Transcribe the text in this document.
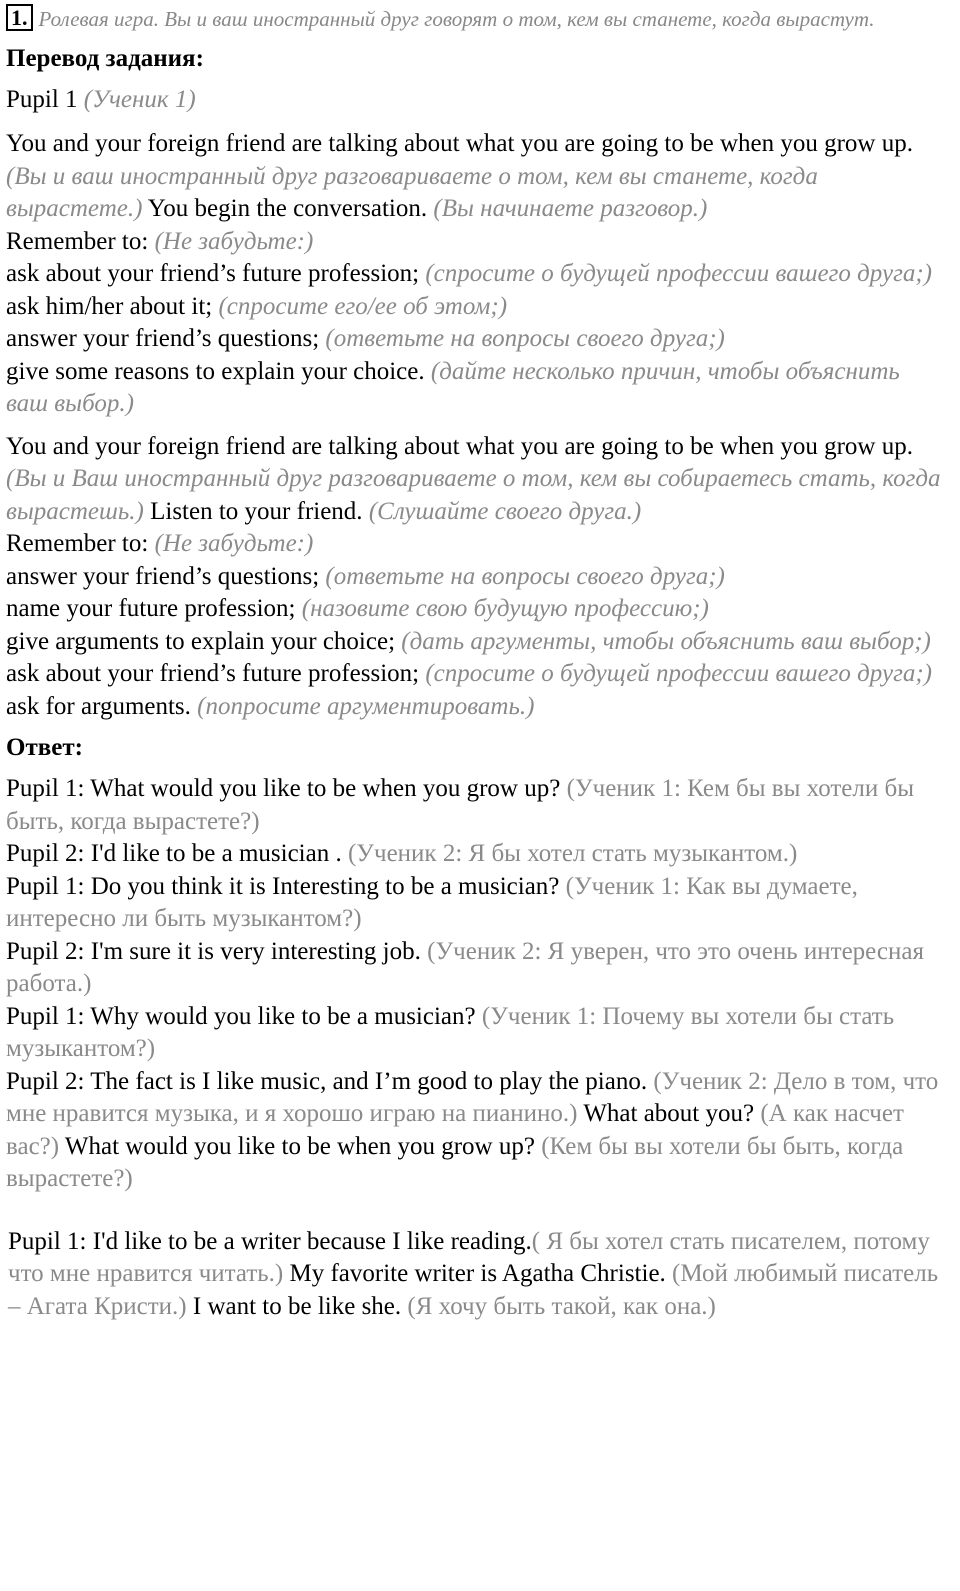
1. Ролевая игра. Вы и ваш иностранный друг говорят о том, кем вы станете, когда вырастут.
Перевод задания:
Pupil 1 (Ученик 1)
You and your foreign friend are talking about what you are going to be when you grow up. (Вы и ваш иностранный друг разговариваете о том, кем вы станете, когда вырастете.) You begin the conversation. (Вы начинаете разговор.)
Remember to: (Не забудьте:)
ask about your friend’s future profession; (спросите о будущей профессии вашего друга;)
ask him/her about it; (спросите его/ее об этом;)
answer your friend’s questions; (ответьте на вопросы своего друга;)
give some reasons to explain your choice. (дайте несколько причин, чтобы объяснить ваш выбор.)
You and your foreign friend are talking about what you are going to be when you grow up. (Вы и Ваш иностранный друг разговариваете о том, кем вы собираетесь стать, когда вырастешь.) Listen to your friend. (Слушайте своего друга.)
Remember to: (Не забудьте:)
answer your friend’s questions; (ответьте на вопросы своего друга;)
name your future profession; (назовите свою будущую профессию;)
give arguments to explain your choice; (дать аргументы, чтобы объяснить ваш выбор;)
ask about your friend’s future profession; (спросите о будущей профессии вашего друга;)
ask for arguments. (попросите аргументировать.)
Ответ:
Pupil 1: What would you like to be when you grow up? (Ученик 1: Кем бы вы хотели бы быть, когда вырастете?)
Pupil 2: I'd like to be a musician . (Ученик 2: Я бы хотел стать музыкантом.)
Pupil 1: Do you think it is Interesting to be a musician? (Ученик 1: Как вы думаете, интересно ли быть музыкантом?)
Pupil 2: I'm sure it is very interesting job. (Ученик 2: Я уверен, что это очень интересная работа.)
Pupil 1: Why would you like to be a musician? (Ученик 1: Почему вы хотели бы стать музыкантом?)
Pupil 2: The fact is I like music, and I’m good to play the piano. (Ученик 2: Дело в том, что мне нравится музыка, и я хорошо играю на пианино.) What about you? (А как насчет вас?) What would you like to be when you grow up? (Кем бы вы хотели бы быть, когда вырастете?)
Pupil 1: I'd like to be a writer because I like reading.( Я бы хотел стать писателем, потому что мне нравится читать.) My favorite writer is Agatha Christie. (Мой любимый писатель – Агата Кристи.) I want to be like she. (Я хочу быть такой, как она.)
